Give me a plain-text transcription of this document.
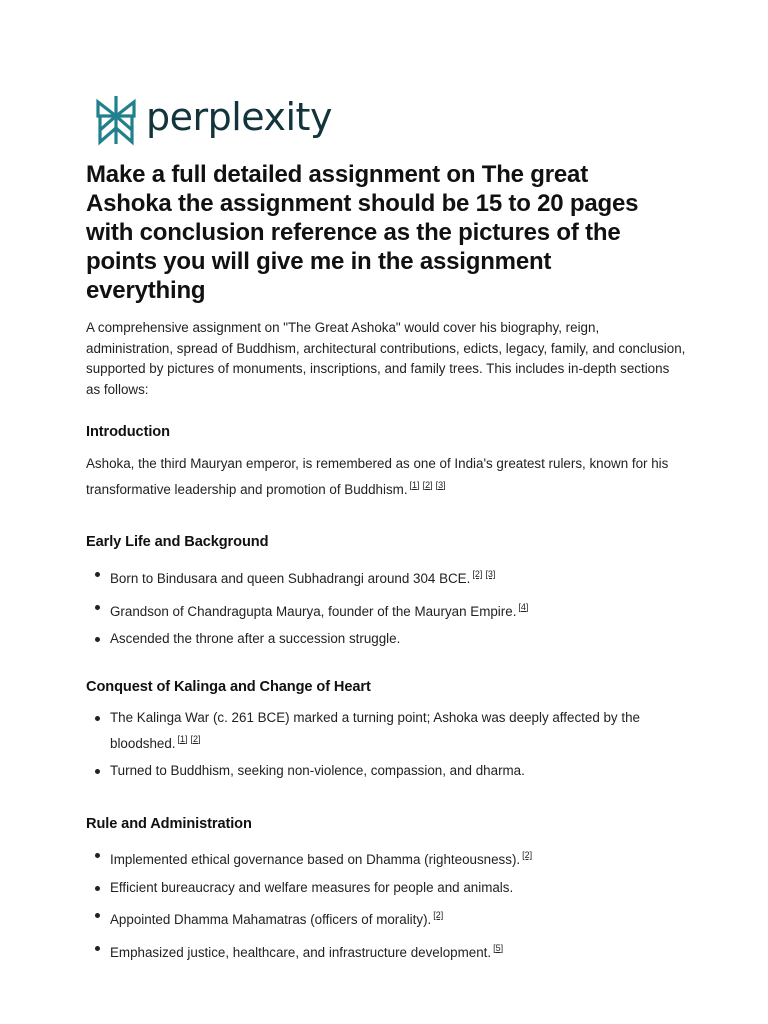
perplexity
Make a full detailed assignment on The great Ashoka the assignment should be 15 to 20 pages with conclusion reference as the pictures of the points you will give me in the assignment everything

A comprehensive assignment on "The Great Ashoka" would cover his biography, reign, administration, spread of Buddhism, architectural contributions, edicts, legacy, family, and conclusion, supported by pictures of monuments, inscriptions, and family trees. This includes in-depth sections as follows:

Introduction

Ashoka, the third Mauryan emperor, is remembered as one of India's greatest rulers, known for his transformative leadership and promotion of Buddhism. [1] [2] [3]

Early Life and Background
Born to Bindusara and queen Subhadrangi around 304 BCE. [2] [3]
Grandson of Chandragupta Maurya, founder of the Mauryan Empire. [4]
Ascended the throne after a succession struggle.
Conquest of Kalinga and Change of Heart
The Kalinga War (c. 261 BCE) marked a turning point; Ashoka was deeply affected by the bloodshed. [1] [2]
Turned to Buddhism, seeking non-violence, compassion, and dharma.
Rule and Administration
Implemented ethical governance based on Dhamma (righteousness). [2]
Efficient bureaucracy and welfare measures for people and animals.
Appointed Dhamma Mahamatras (officers of morality). [2]
Emphasized justice, healthcare, and infrastructure development. [5]
